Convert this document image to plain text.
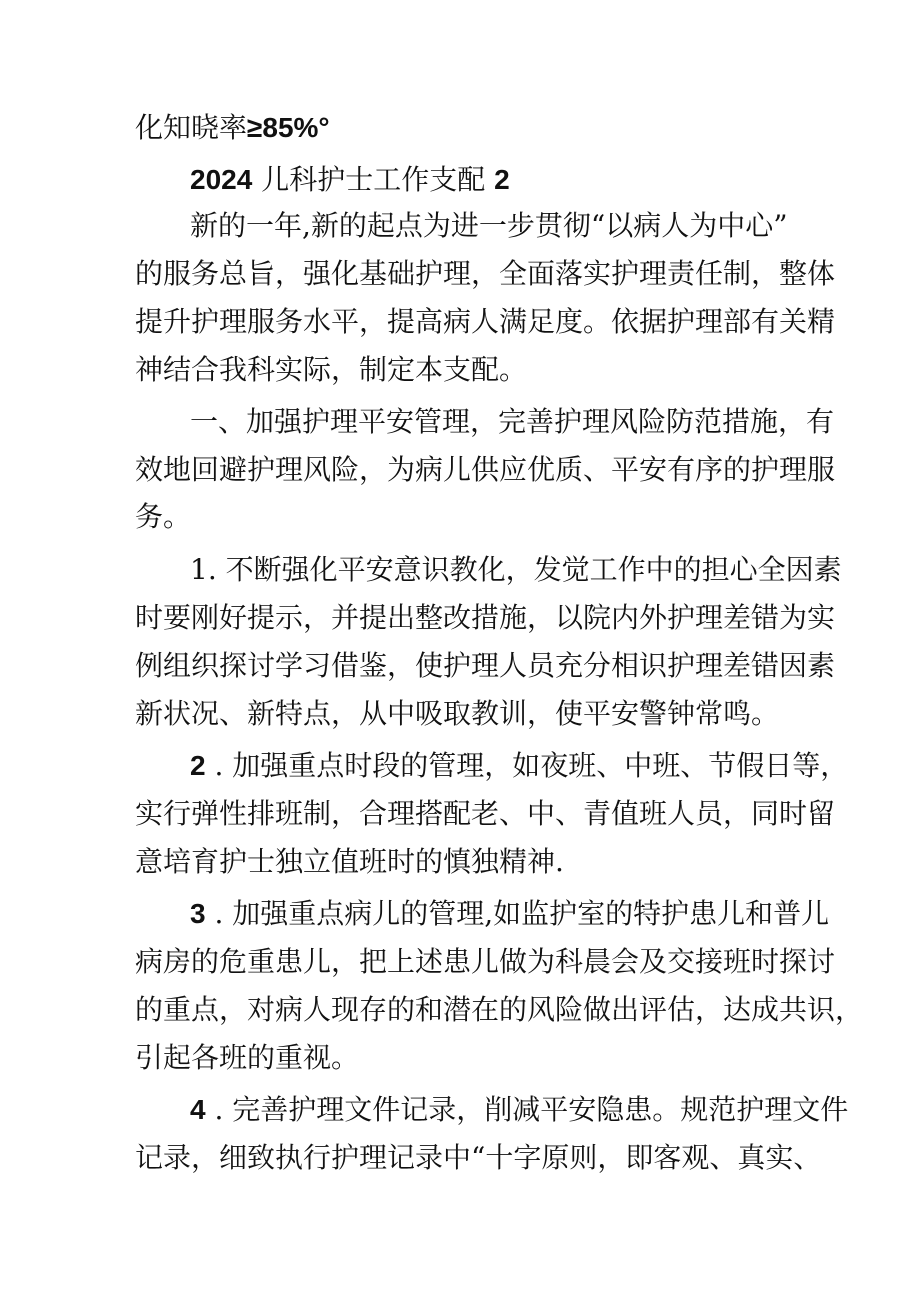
化知晓率≥85%°
2024 儿科护士工作支配 2
新的一年,新的起点为进一步贯彻“以病人为中心”
的服务总旨，强化基础护理，全面落实护理责任制，整体
提升护理服务水平，提高病人满足度。依据护理部有关精
神结合我科实际，制定本支配。
一、加强护理平安管理，完善护理风险防范措施，有
效地回避护理风险，为病儿供应优质、平安有序的护理服
务。
1. 不断强化平安意识教化，发觉工作中的担心全因素
时要刚好提示，并提出整改措施，以院内外护理差错为实
例组织探讨学习借鉴，使护理人员充分相识护理差错因素
新状况、新特点，从中吸取教训，使平安警钟常鸣。
2 . 加强重点时段的管理，如夜班、中班、节假日等，
实行弹性排班制，合理搭配老、中、青值班人员，同时留
意培育护士独立值班时的慎独精神.
3 . 加强重点病儿的管理,如监护室的特护患儿和普儿
病房的危重患儿，把上述患儿做为科晨会及交接班时探讨
的重点，对病人现存的和潜在的风险做出评估，达成共识，
引起各班的重视。
4 . 完善护理文件记录，削减平安隐患。规范护理文件
记录，细致执行护理记录中“十字原则，即客观、真实、
